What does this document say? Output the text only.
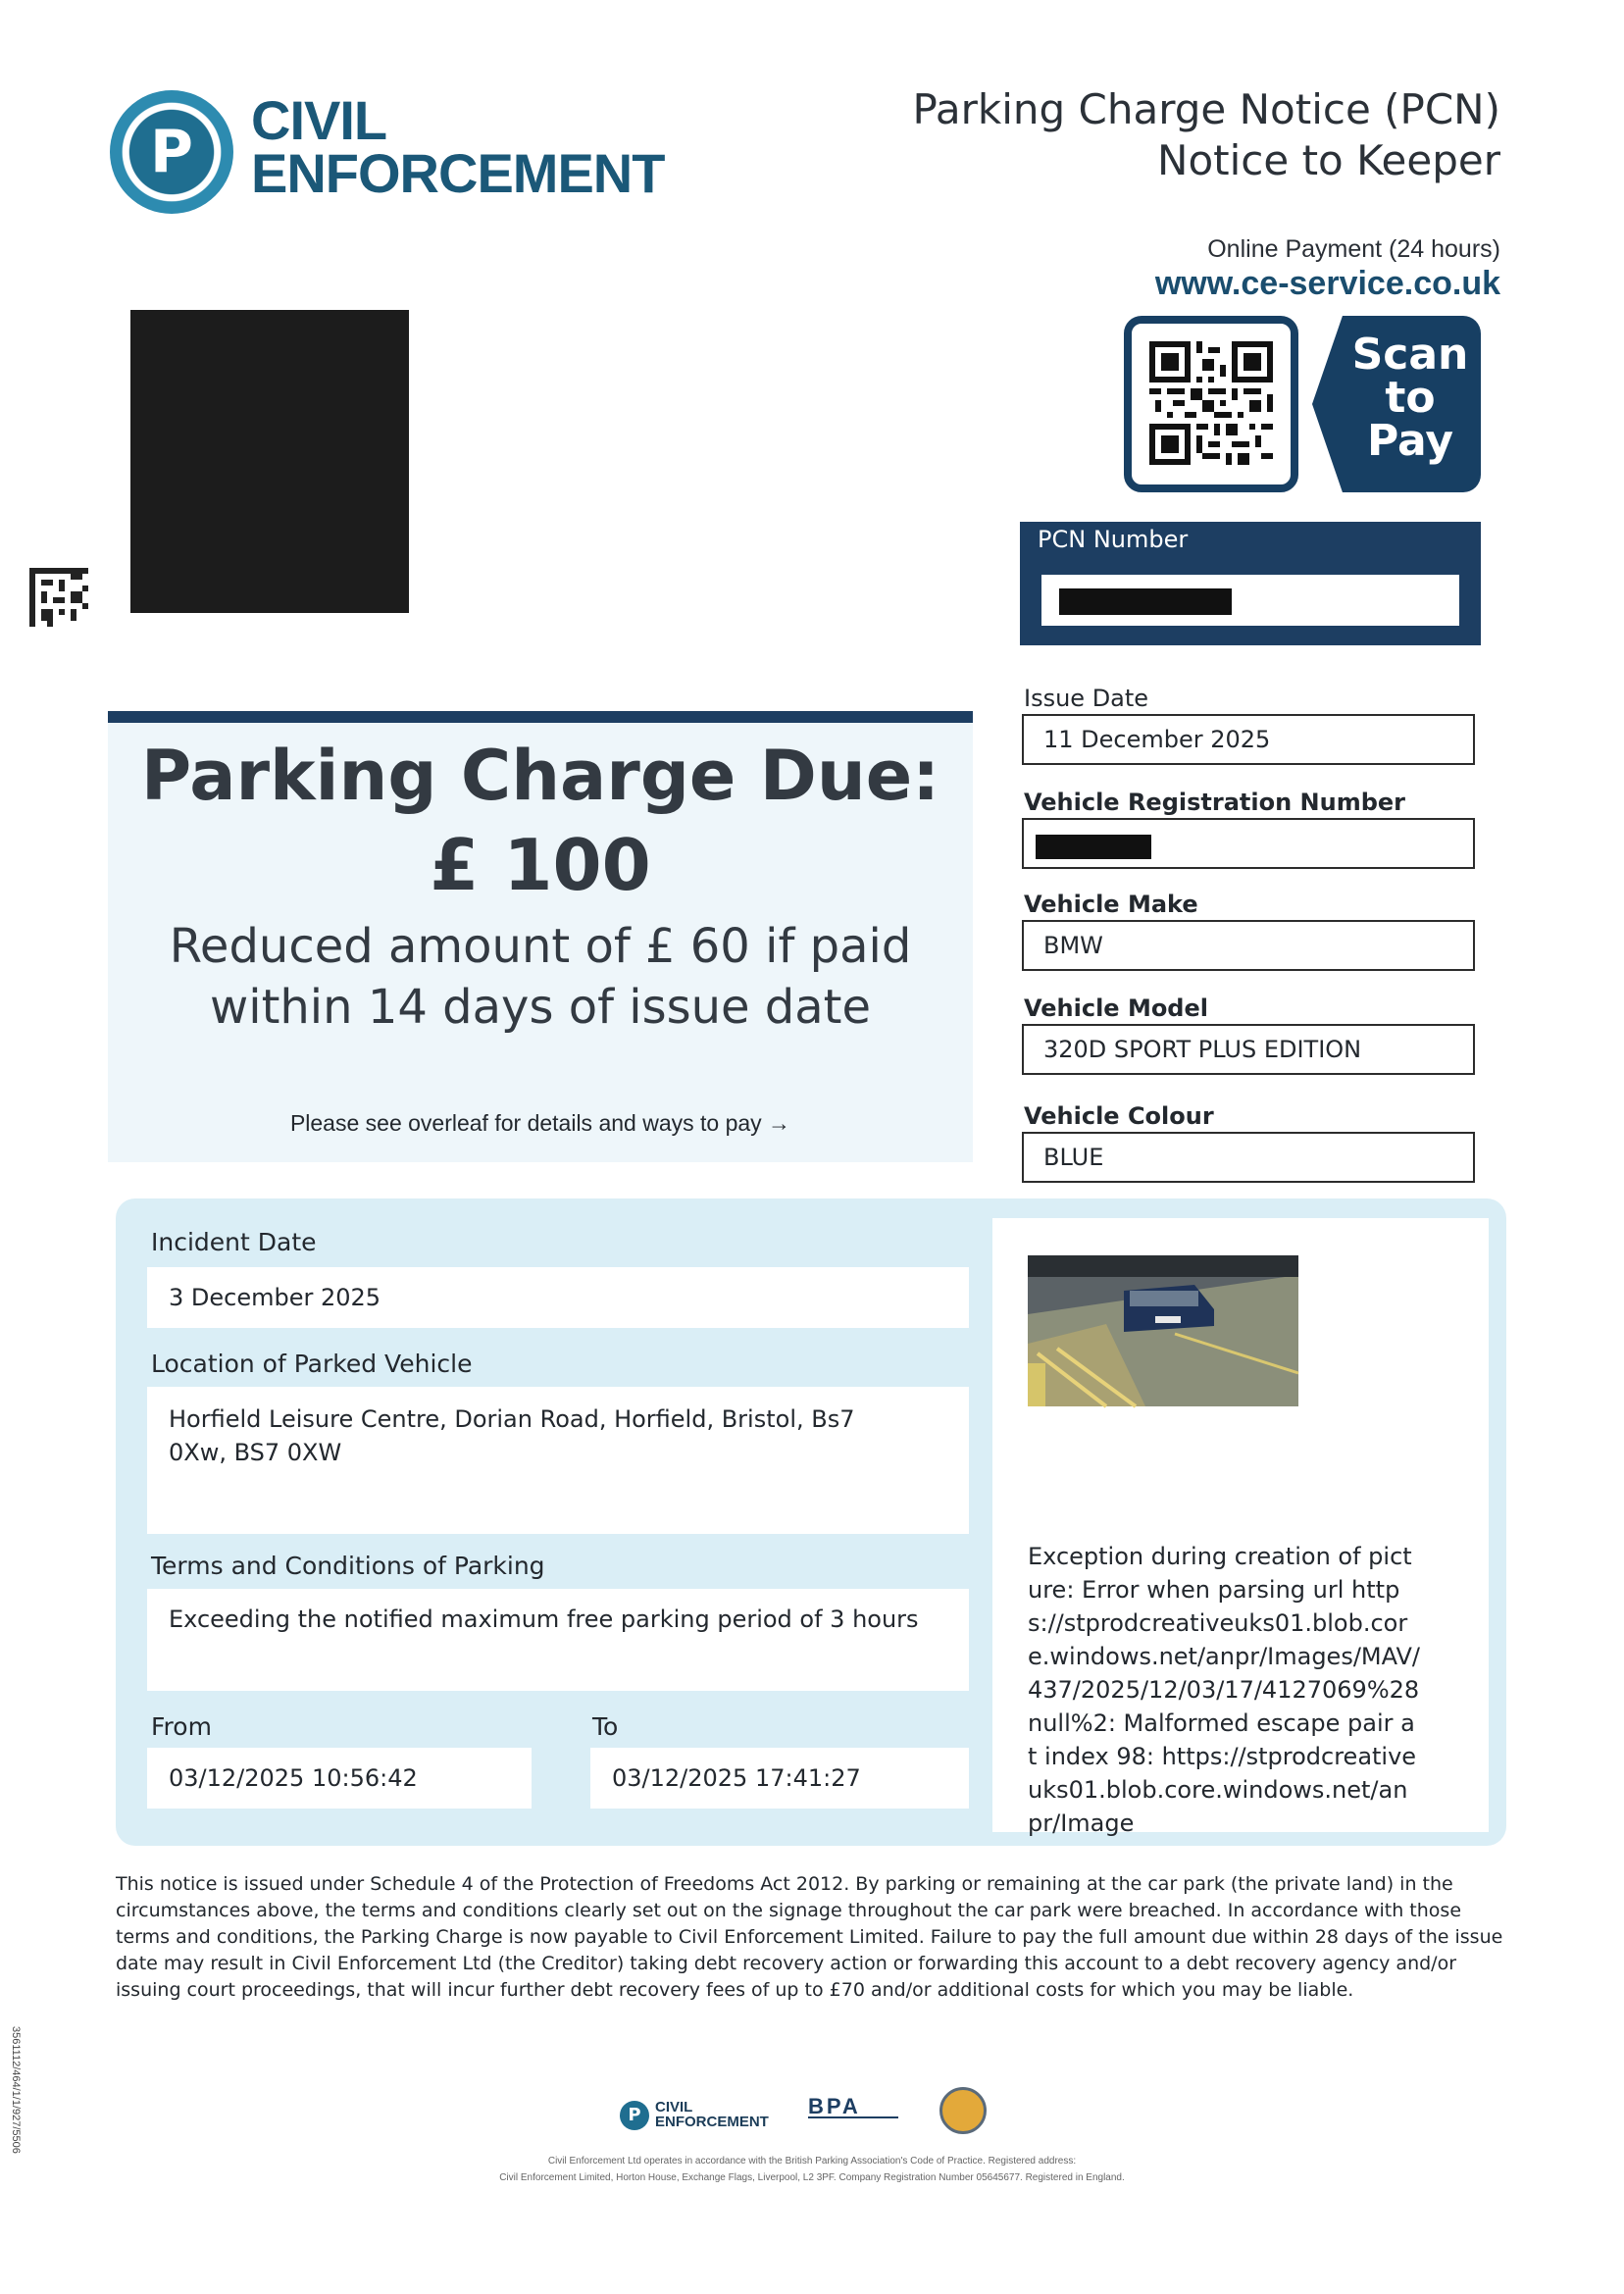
P	CIVIL
ENFORCEMENT
Parking Charge Notice (PCN)
Notice to Keeper
Online Payment (24 hours)
www.ce-service.co.uk
Scan
to
Pay
PCN Number
Issue Date
11 December 2025
Vehicle Registration Number
Vehicle Make
BMW
Vehicle Model
320D SPORT PLUS EDITION
Vehicle Colour
BLUE
Parking Charge Due:
£ 100
Reduced amount of £ 60 if paid
within 14 days of issue date
Please see overleaf for details and ways to pay →
Incident Date
3 December 2025
Location of Parked Vehicle
Horfield Leisure Centre, Dorian Road, Horfield, Bristol, Bs7 0Xw, BS7 0XW
Terms and Conditions of Parking
Exceeding the notified maximum free parking period of 3 hours
From
03/12/2025 10:56:42
To
03/12/2025 17:41:27
Exception during creation of picture: Error when parsing url https://stprodcreativeuks01.blob.core.windows.net/anpr/Images/MAV/437/2025/12/03/17/4127069%28null%2: Malformed escape pair at index 98: https://stprodcreativeuks01.blob.core.windows.net/anpr/Image
This notice is issued under Schedule 4 of the Protection of Freedoms Act 2012. By parking or remaining at the car park (the private land) in the circumstances above, the terms and conditions clearly set out on the signage throughout the car park were breached. In accordance with those terms and conditions, the Parking Charge is now payable to Civil Enforcement Limited. Failure to pay the full amount due within 28 days of the issue date may result in Civil Enforcement Ltd (the Creditor) taking debt recovery action or forwarding this account to a debt recovery agency and/or issuing court proceedings, that will incur further debt recovery fees of up to £70 and/or additional costs for which you may be liable.
P CIVIL
ENFORCEMENT
BPA
Civil Enforcement Ltd operates in accordance with the British Parking Association's Code of Practice. Registered address:
Civil Enforcement Limited, Horton House, Exchange Flags, Liverpool, L2 3PF. Company Registration Number 05645677. Registered in England.
3561112/464/1/1/927/5506
